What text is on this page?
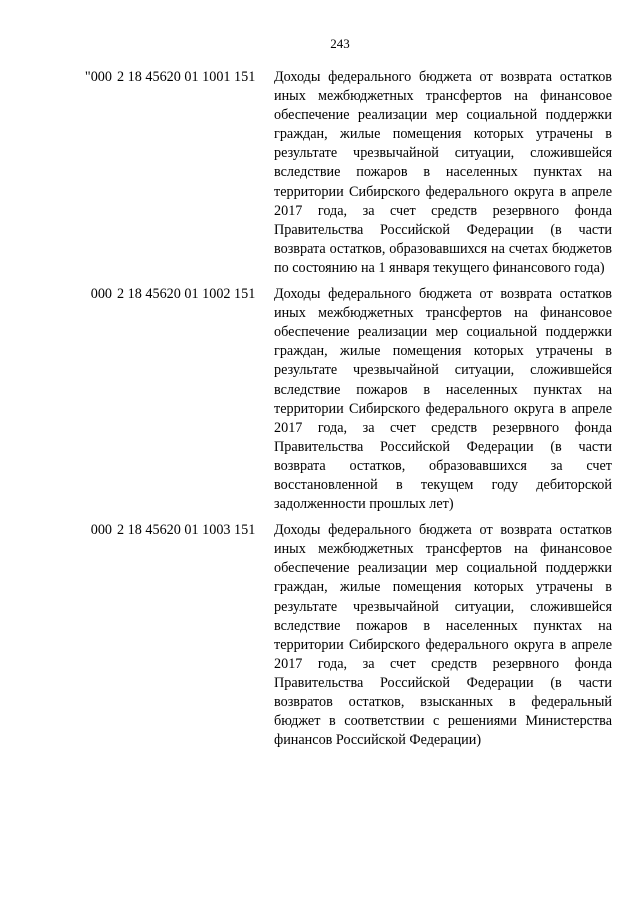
243
"000 2 18 45620 01 1001 151 Доходы федерального бюджета от возврата остатков иных межбюджетных трансфертов на финансовое обеспечение реализации мер социальной поддержки граждан, жилые помещения которых утрачены в результате чрезвычайной ситуации, сложившейся вследствие пожаров в населенных пунктах на территории Сибирского федерального округа в апреле 2017 года, за счет средств резервного фонда Правительства Российской Федерации (в части возврата остатков, образовавшихся на счетах бюджетов по состоянию на 1 января текущего финансового года)
000 2 18 45620 01 1002 151 Доходы федерального бюджета от возврата остатков иных межбюджетных трансфертов на финансовое обеспечение реализации мер социальной поддержки граждан, жилые помещения которых утрачены в результате чрезвычайной ситуации, сложившейся вследствие пожаров в населенных пунктах на территории Сибирского федерального округа в апреле 2017 года, за счет средств резервного фонда Правительства Российской Федерации (в части возврата остатков, образовавшихся за счет восстановленной в текущем году дебиторской задолженности прошлых лет)
000 2 18 45620 01 1003 151 Доходы федерального бюджета от возврата остатков иных межбюджетных трансфертов на финансовое обеспечение реализации мер социальной поддержки граждан, жилые помещения которых утрачены в результате чрезвычайной ситуации, сложившейся вследствие пожаров в населенных пунктах на территории Сибирского федерального округа в апреле 2017 года, за счет средств резервного фонда Правительства Российской Федерации (в части возвратов остатков, взысканных в федеральный бюджет в соответствии с решениями Министерства финансов Российской Федерации)
